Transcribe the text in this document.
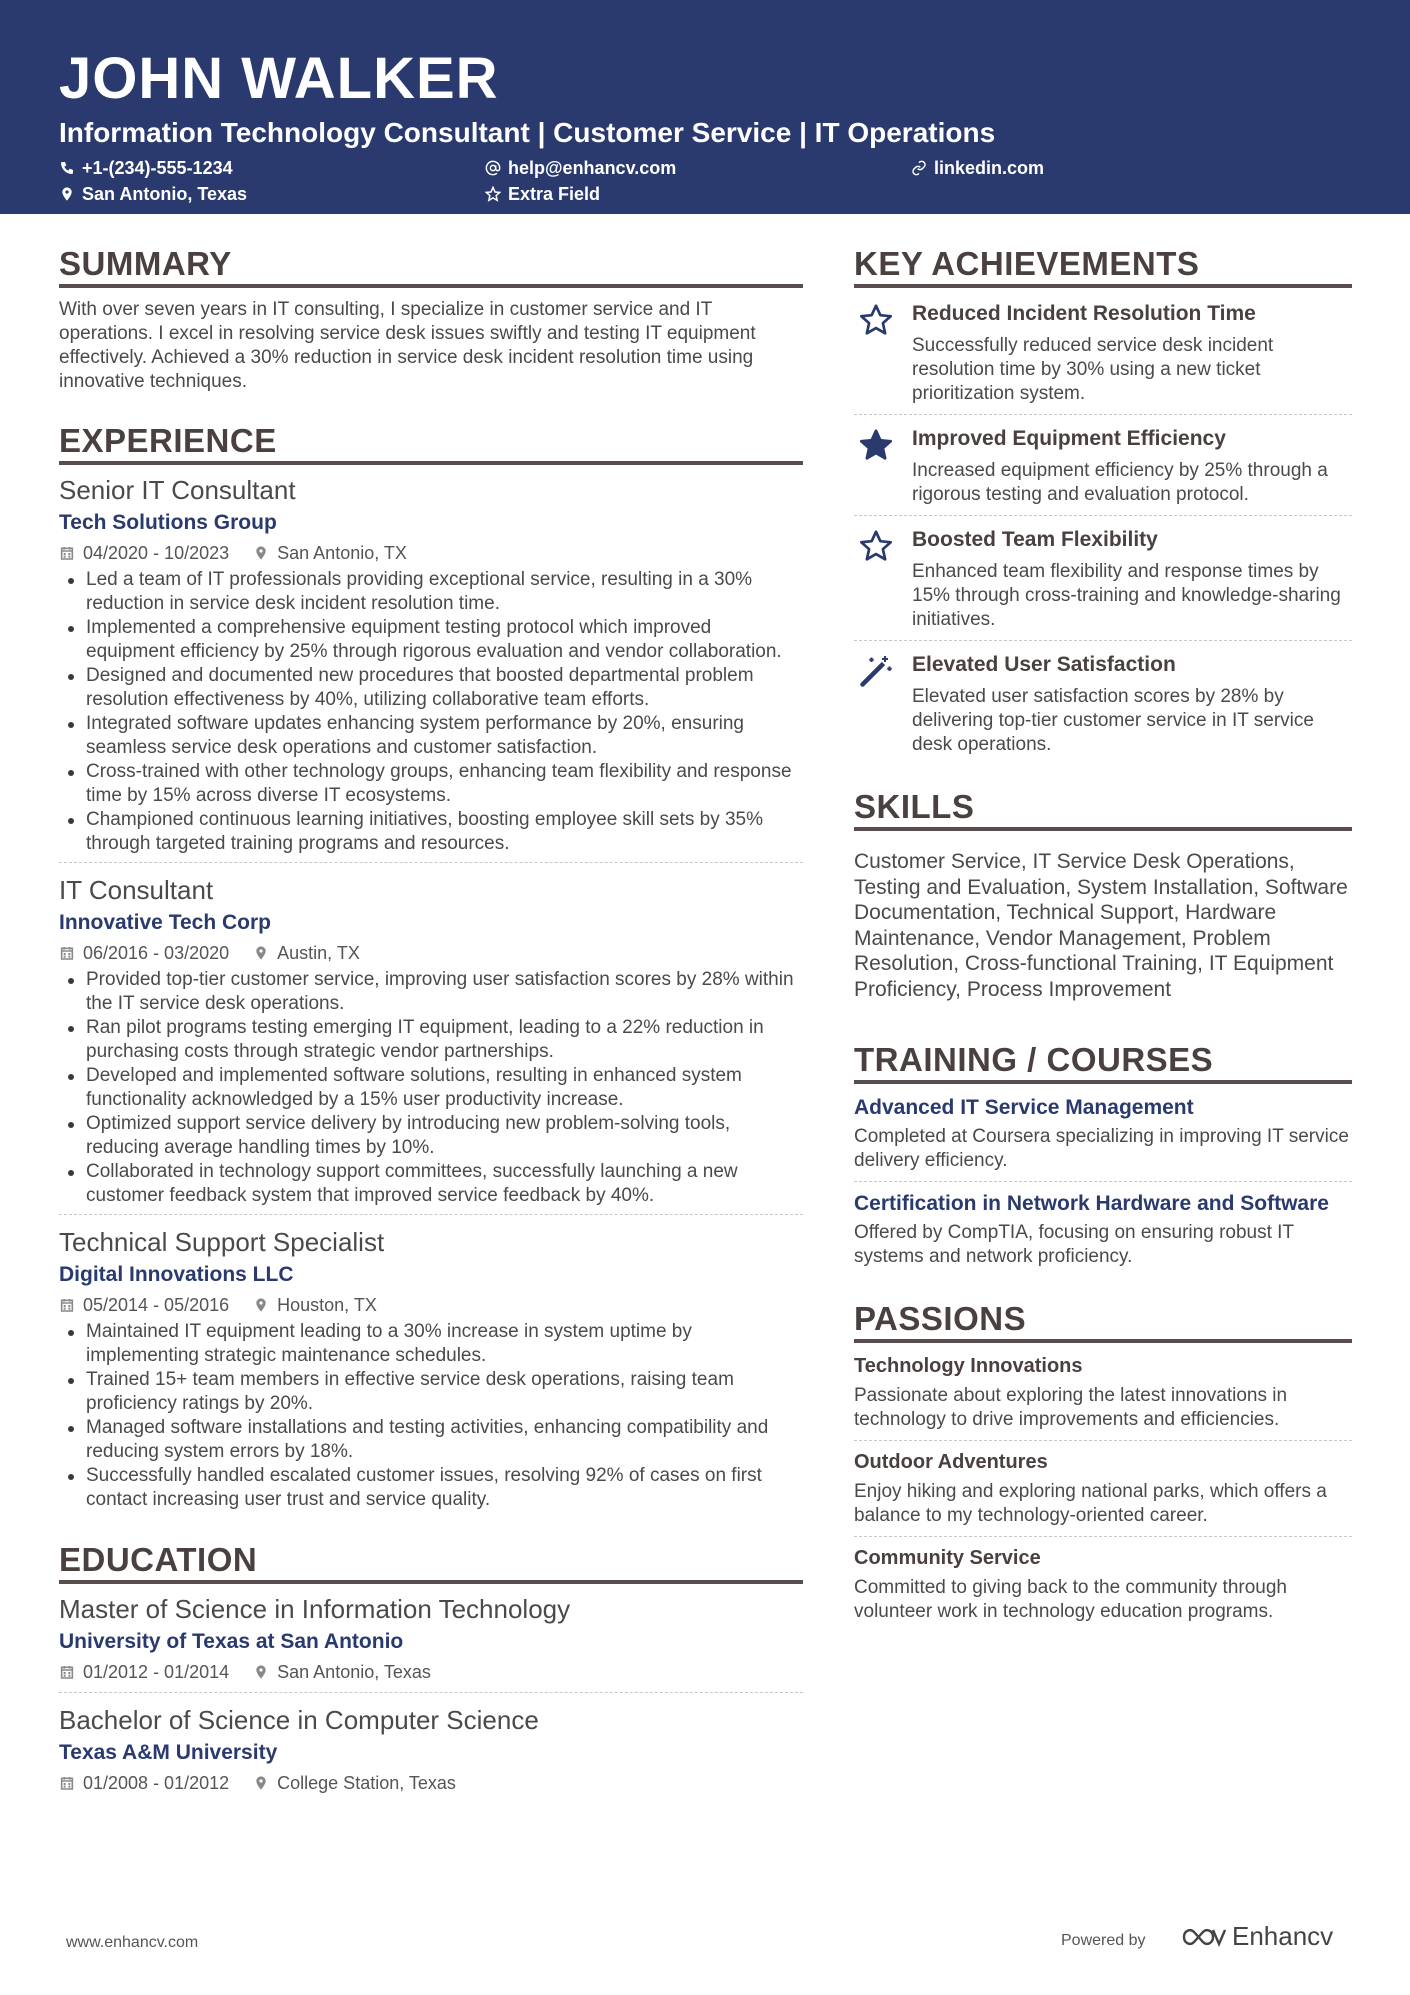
JOHN WALKER
Information Technology Consultant | Customer Service | IT Operations
+1-(234)-555-1234	help@enhancv.com	linkedin.com
San Antonio, Texas	Extra Field
SUMMARY
With over seven years in IT consulting, I specialize in customer service and IT operations. I excel in resolving service desk issues swiftly and testing IT equipment effectively. Achieved a 30% reduction in service desk incident resolution time using innovative techniques.
EXPERIENCE
Senior IT Consultant
Tech Solutions Group
04/2020 - 10/2023	San Antonio, TX
Led a team of IT professionals providing exceptional service, resulting in a 30% reduction in service desk incident resolution time.
Implemented a comprehensive equipment testing protocol which improved equipment efficiency by 25% through rigorous evaluation and vendor collaboration.
Designed and documented new procedures that boosted departmental problem resolution effectiveness by 40%, utilizing collaborative team efforts.
Integrated software updates enhancing system performance by 20%, ensuring seamless service desk operations and customer satisfaction.
Cross-trained with other technology groups, enhancing team flexibility and response time by 15% across diverse IT ecosystems.
Championed continuous learning initiatives, boosting employee skill sets by 35% through targeted training programs and resources.
IT Consultant
Innovative Tech Corp
06/2016 - 03/2020	Austin, TX
Provided top-tier customer service, improving user satisfaction scores by 28% within the IT service desk operations.
Ran pilot programs testing emerging IT equipment, leading to a 22% reduction in purchasing costs through strategic vendor partnerships.
Developed and implemented software solutions, resulting in enhanced system functionality acknowledged by a 15% user productivity increase.
Optimized support service delivery by introducing new problem-solving tools, reducing average handling times by 10%.
Collaborated in technology support committees, successfully launching a new customer feedback system that improved service feedback by 40%.
Technical Support Specialist
Digital Innovations LLC
05/2014 - 05/2016	Houston, TX
Maintained IT equipment leading to a 30% increase in system uptime by implementing strategic maintenance schedules.
Trained 15+ team members in effective service desk operations, raising team proficiency ratings by 20%.
Managed software installations and testing activities, enhancing compatibility and reducing system errors by 18%.
Successfully handled escalated customer issues, resolving 92% of cases on first contact increasing user trust and service quality.
EDUCATION
Master of Science in Information Technology
University of Texas at San Antonio
01/2012 - 01/2014	San Antonio, Texas
Bachelor of Science in Computer Science
Texas A&M University
01/2008 - 01/2012	College Station, Texas
KEY ACHIEVEMENTS
Reduced Incident Resolution Time
Successfully reduced service desk incident resolution time by 30% using a new ticket prioritization system.
Improved Equipment Efficiency
Increased equipment efficiency by 25% through a rigorous testing and evaluation protocol.
Boosted Team Flexibility
Enhanced team flexibility and response times by 15% through cross-training and knowledge-sharing initiatives.
Elevated User Satisfaction
Elevated user satisfaction scores by 28% by delivering top-tier customer service in IT service desk operations.
SKILLS
Customer Service, IT Service Desk Operations, Testing and Evaluation, System Installation, Software Documentation, Technical Support, Hardware Maintenance, Vendor Management, Problem Resolution, Cross-functional Training, IT Equipment Proficiency, Process Improvement
TRAINING / COURSES
Advanced IT Service Management
Completed at Coursera specializing in improving IT service delivery efficiency.
Certification in Network Hardware and Software
Offered by CompTIA, focusing on ensuring robust IT systems and network proficiency.
PASSIONS
Technology Innovations
Passionate about exploring the latest innovations in technology to drive improvements and efficiencies.
Outdoor Adventures
Enjoy hiking and exploring national parks, which offers a balance to my technology-oriented career.
Community Service
Committed to giving back to the community through volunteer work in technology education programs.
www.enhancv.com	Powered by	Enhancv
